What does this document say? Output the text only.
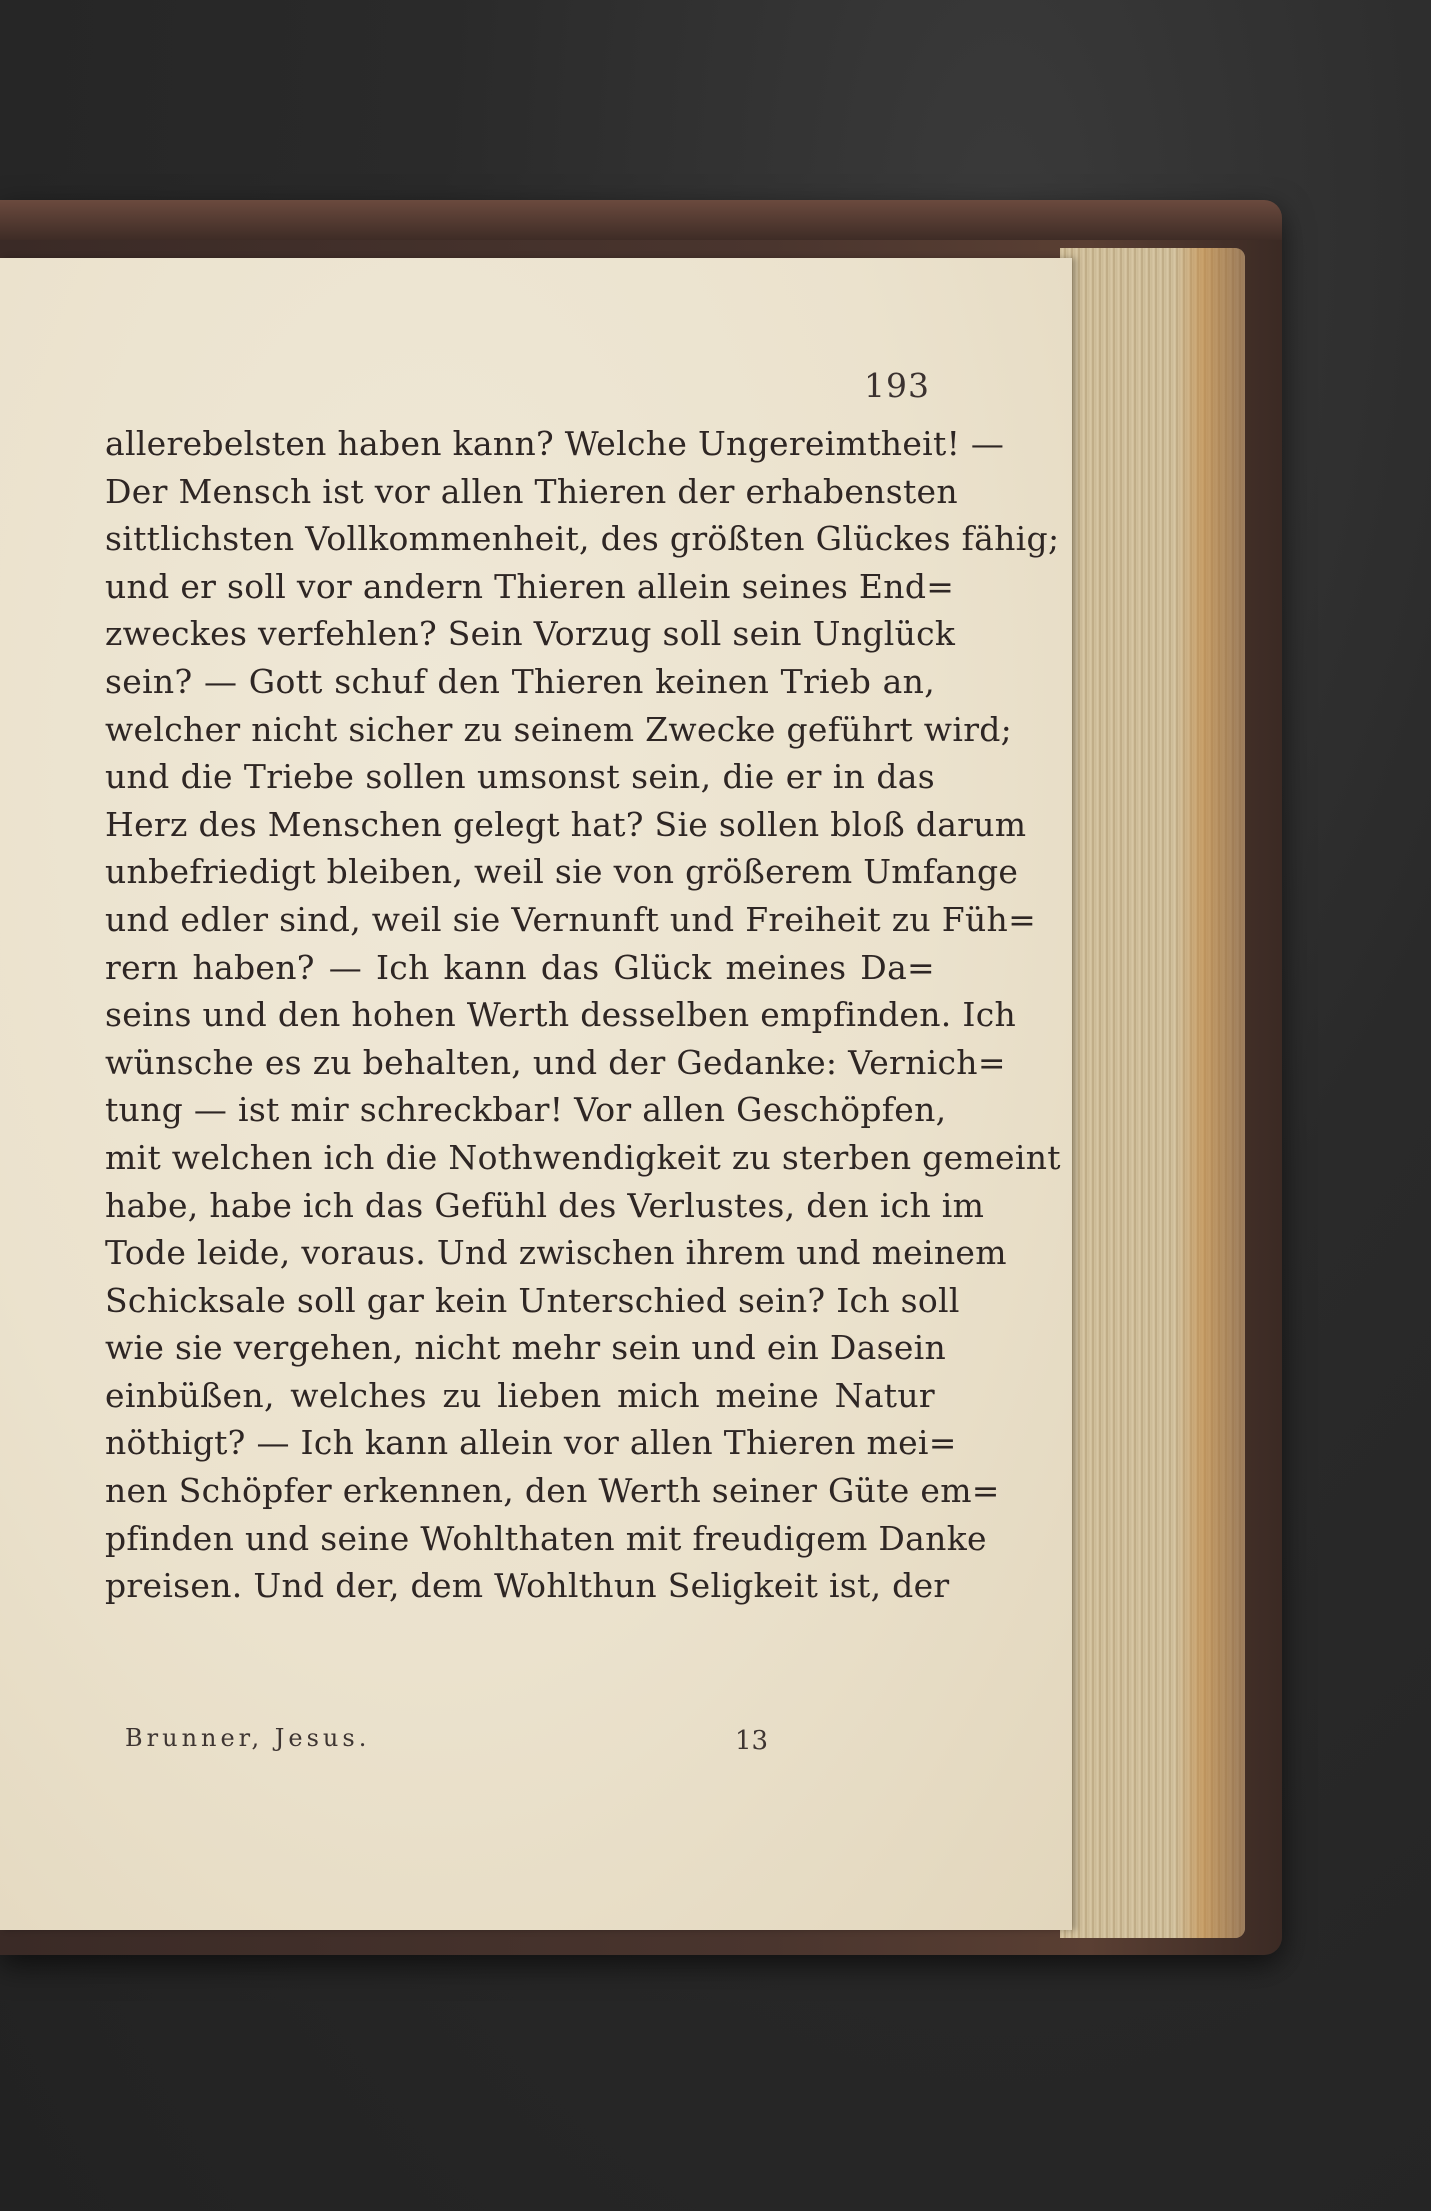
193
allerebelsten haben kann? Welche Ungereimtheit! —
Der Mensch ist vor allen Thieren der erhabensten
sittlichsten Vollkommenheit, des größten Glückes fähig;
und er soll vor andern Thieren allein seines End=
zweckes verfehlen? Sein Vorzug soll sein Unglück
sein? — Gott schuf den Thieren keinen Trieb an,
welcher nicht sicher zu seinem Zwecke geführt wird;
und die Triebe sollen umsonst sein, die er in das
Herz des Menschen gelegt hat? Sie sollen bloß darum
unbefriedigt bleiben, weil sie von größerem Umfange
und edler sind, weil sie Vernunft und Freiheit zu Füh=
rern haben? — Ich kann das Glück meines Da=
seins und den hohen Werth desselben empfinden. Ich
wünsche es zu behalten, und der Gedanke: Vernich=
tung — ist mir schreckbar! Vor allen Geschöpfen,
mit welchen ich die Nothwendigkeit zu sterben gemeint
habe, habe ich das Gefühl des Verlustes, den ich im
Tode leide, voraus. Und zwischen ihrem und meinem
Schicksale soll gar kein Unterschied sein? Ich soll
wie sie vergehen, nicht mehr sein und ein Dasein
einbüßen, welches zu lieben mich meine Natur
nöthigt? — Ich kann allein vor allen Thieren mei=
nen Schöpfer erkennen, den Werth seiner Güte em=
pfinden und seine Wohlthaten mit freudigem Danke
preisen. Und der, dem Wohlthun Seligkeit ist, der
Brunner, Jesus.	13
